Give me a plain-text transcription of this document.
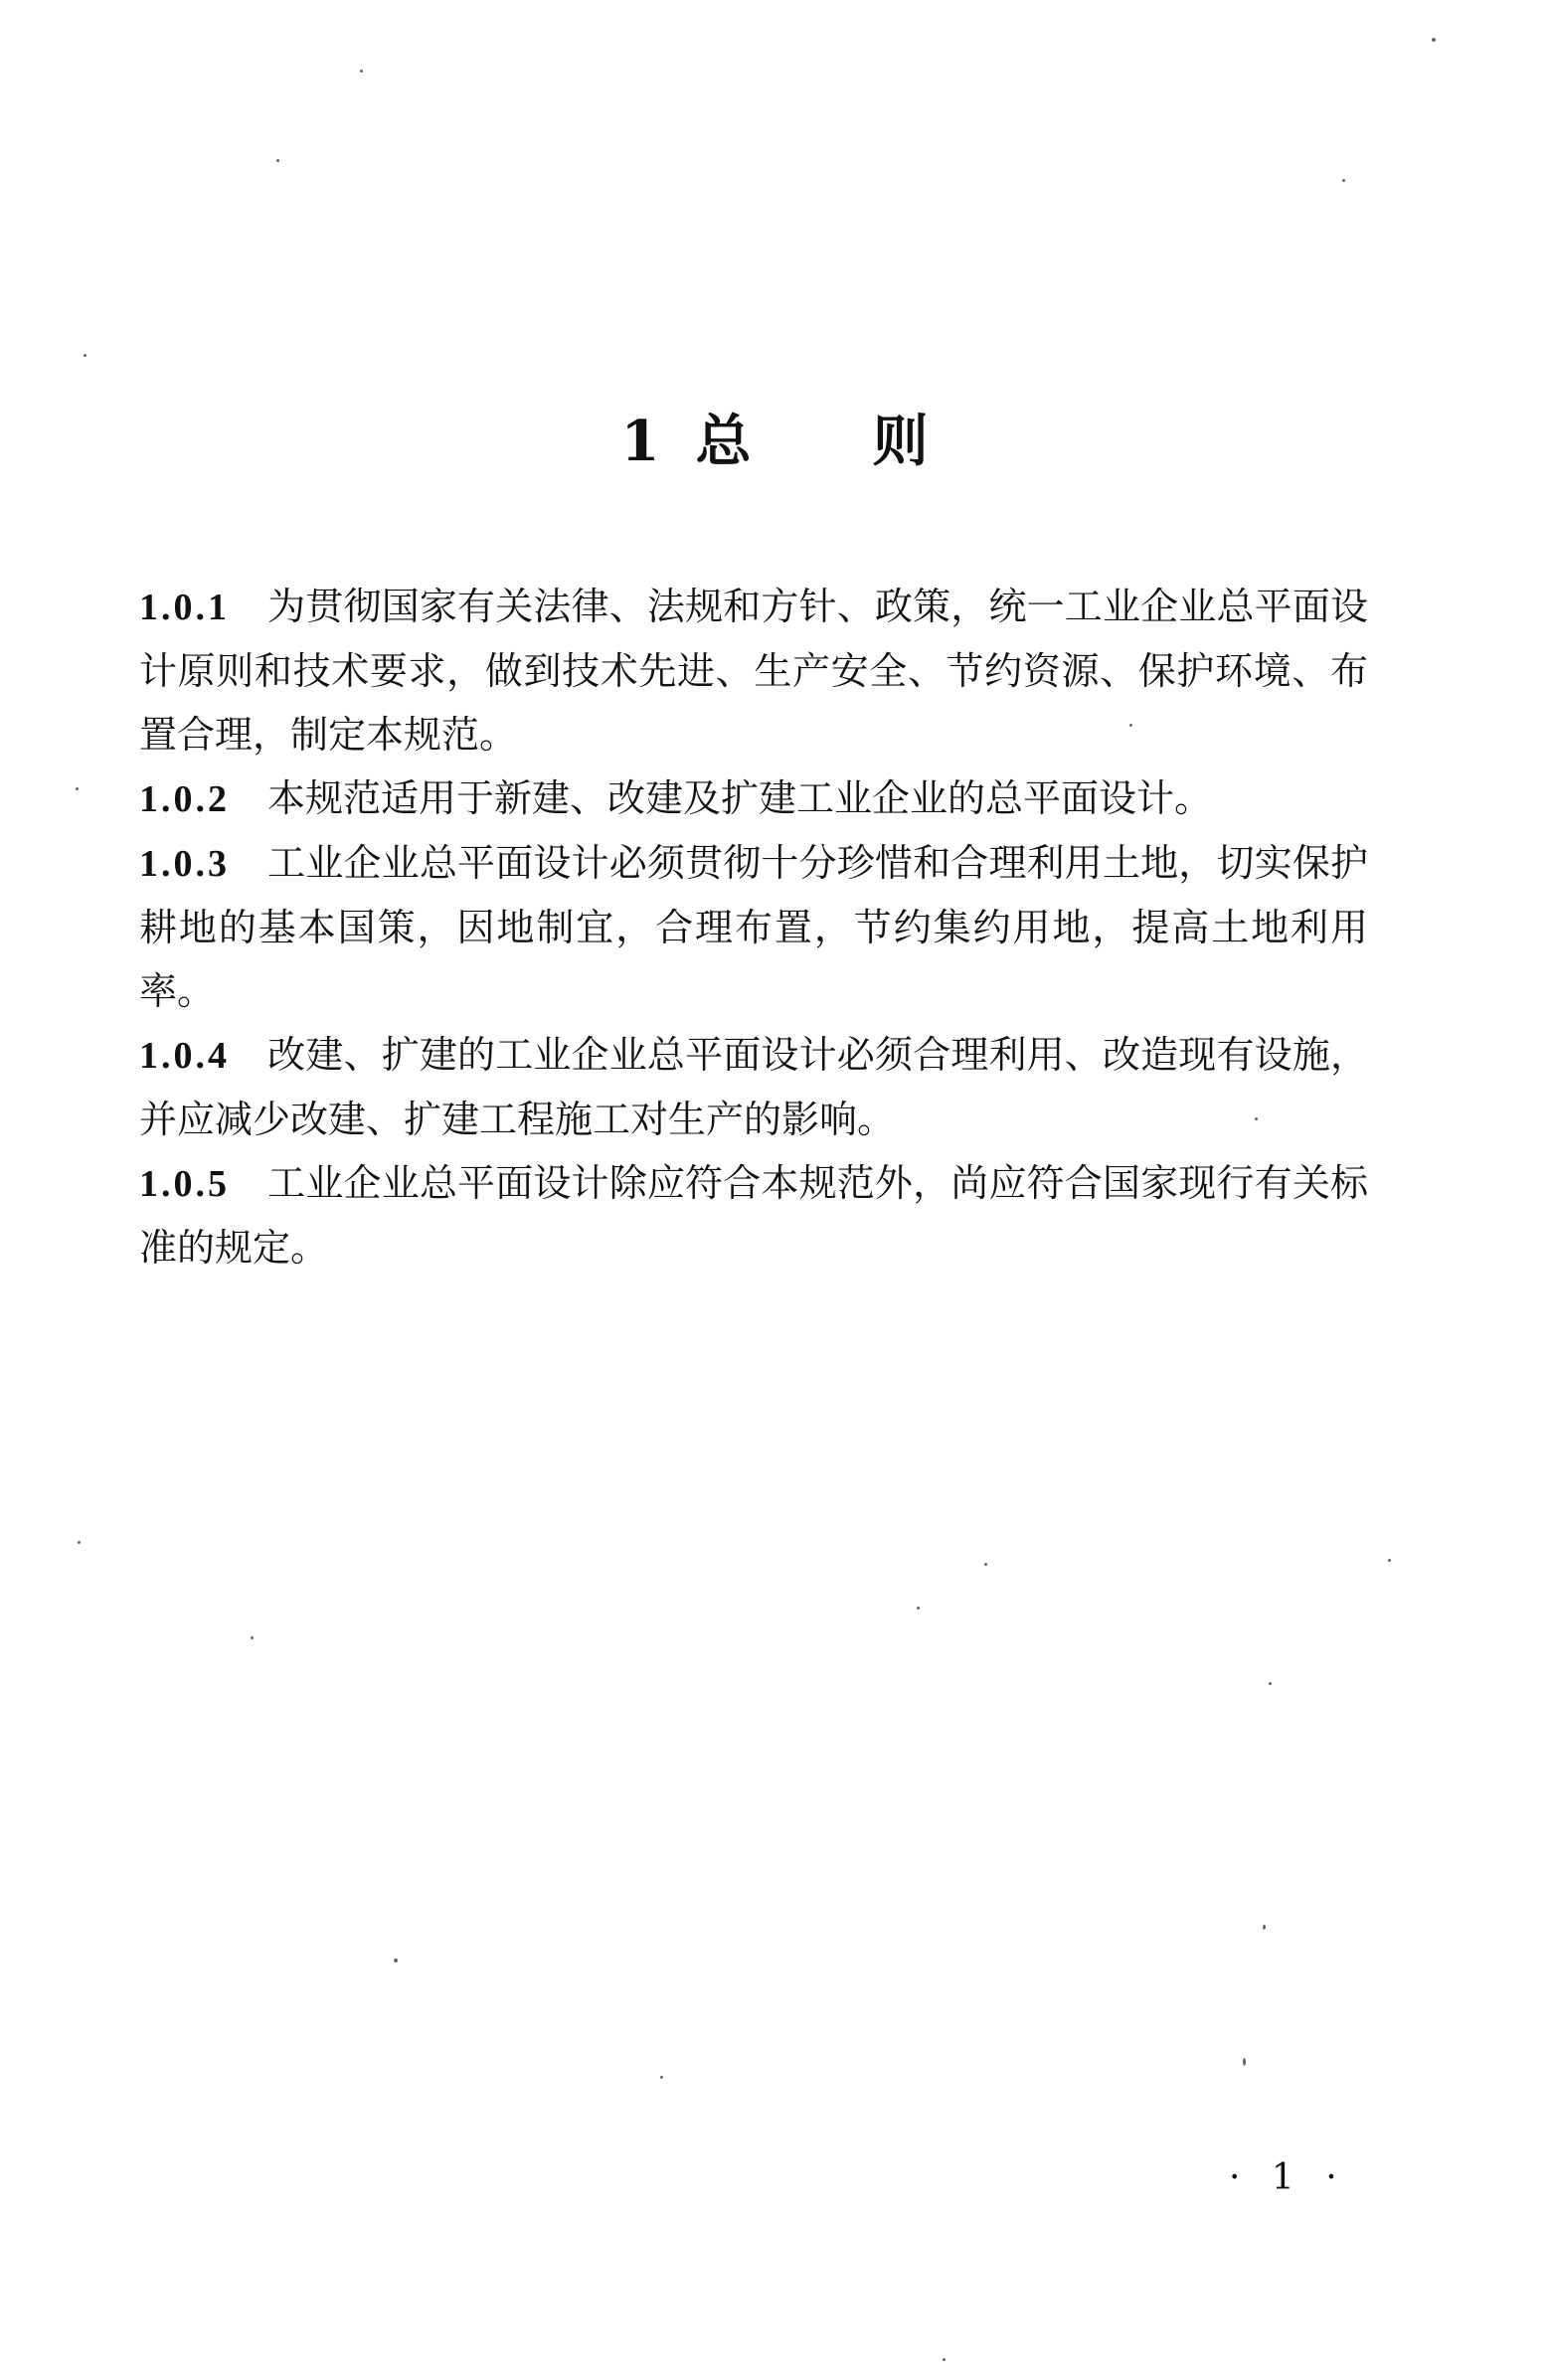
1 总 则

1.0.1 为贯彻国家有关法律、法规和方针、政策，统一工业企业总平面设计原则和技术要求，做到技术先进、生产安全、节约资源、保护环境、布置合理，制定本规范。

1.0.2 本规范适用于新建、改建及扩建工业企业的总平面设计。

1.0.3 工业企业总平面设计必须贯彻十分珍惜和合理利用土地，切实保护耕地的基本国策，因地制宜，合理布置，节约集约用地，提高土地利用率。

1.0.4 改建、扩建的工业企业总平面设计必须合理利用、改造现有设施，并应减少改建、扩建工程施工对生产的影响。

1.0.5 工业企业总平面设计除应符合本规范外，尚应符合国家现行有关标准的规定。

· 1 ·
